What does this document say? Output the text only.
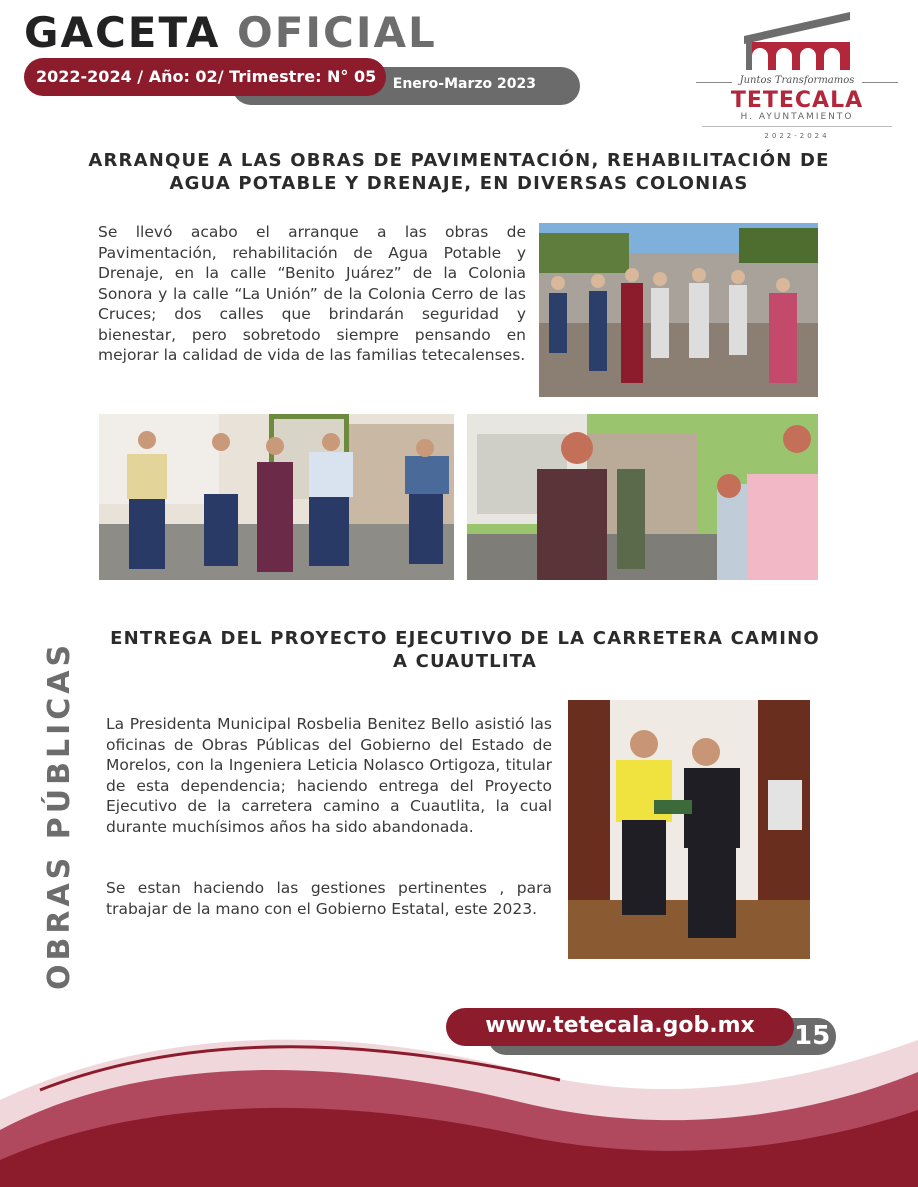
GACETA OFICIAL
Enero-Marzo 2023
2022-2024 / Año: 02/ Trimestre: N° 05	Juntos Transformamos
TETECALA
H. AYUNTAMIENTO
2022-2024
ARRANQUE A LAS OBRAS DE PAVIMENTACIÓN, REHABILITACIÓN DE AGUA POTABLE Y DRENAJE, EN DIVERSAS COLONIAS

Se llevó acabo el arranque a las obras de Pavimentación, rehabilitación de Agua Potable y Drenaje, en la calle “Benito Juárez” de la Colonia Sonora y la calle “La Unión” de la Colonia Cerro de las Cruces; dos calles que brindarán seguridad y bienestar, pero sobretodo siempre pensando en mejorar la calidad de vida de las familias tetecalenses.

ENTREGA DEL PROYECTO EJECUTIVO DE LA CARRETERA CAMINO A CUAUTLITA

La Presidenta Municipal Rosbelia Benitez Bello asistió las oficinas de Obras Públicas del Gobierno del Estado de Morelos, con la Ingeniera Leticia Nolasco Ortigoza, titular de esta dependencia; haciendo entrega del Proyecto Ejecutivo de la carretera camino a Cuautlita, la cual durante muchísimos años ha sido abandonada.

Se estan haciendo las gestiones pertinentes , para trabajar de la mano con el Gobierno Estatal, este 2023.

OBRAS PÚBLICAS
15
www.tetecala.gob.mx
